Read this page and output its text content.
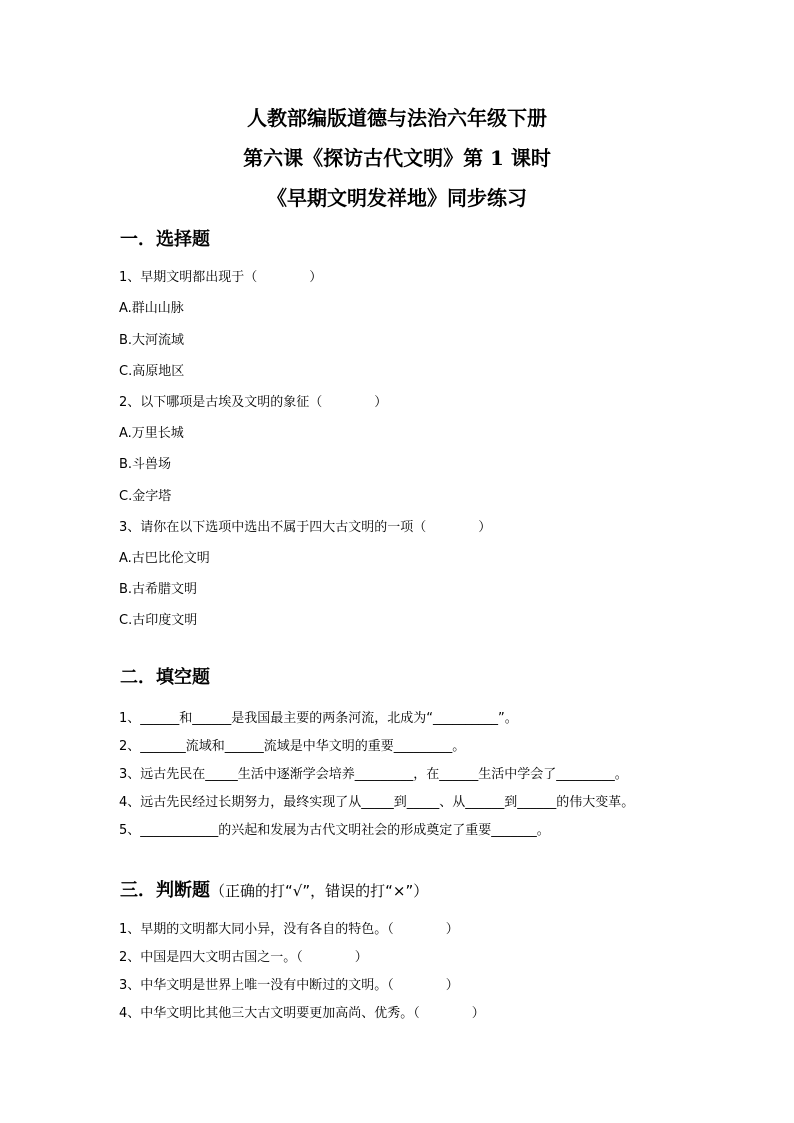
人教部编版道德与法治六年级下册
第六课《探访古代文明》第 1 课时
《早期文明发祥地》同步练习
一．选择题
1、早期文明都出现于（　　　　）
A.群山山脉
B.大河流域
C.高原地区
2、以下哪项是古埃及文明的象征（　　　　）
A.万里长城
B.斗兽场
C.金字塔
3、请你在以下选项中选出不属于四大古文明的一项（　　　　）
A.古巴比伦文明
B.古希腊文明
C.古印度文明
二．填空题
1、______和______是我国最主要的两条河流，北成为“__________”。
2、_______流域和______流域是中华文明的重要_________。
3、远古先民在_____生活中逐渐学会培养_________，在______生活中学会了_________。
4、远古先民经过长期努力，最终实现了从_____到_____、从______到______的伟大变革。
5、____________的兴起和发展为古代文明社会的形成奠定了重要_______。
三．判断题（正确的打“√”，错误的打“×”）
1、早期的文明都大同小异，没有各自的特色。（　　　　）
2、中国是四大文明古国之一。（　　　　）
3、中华文明是世界上唯一没有中断过的文明。（　　　　）
4、中华文明比其他三大古文明要更加高尚、优秀。（　　　　）
